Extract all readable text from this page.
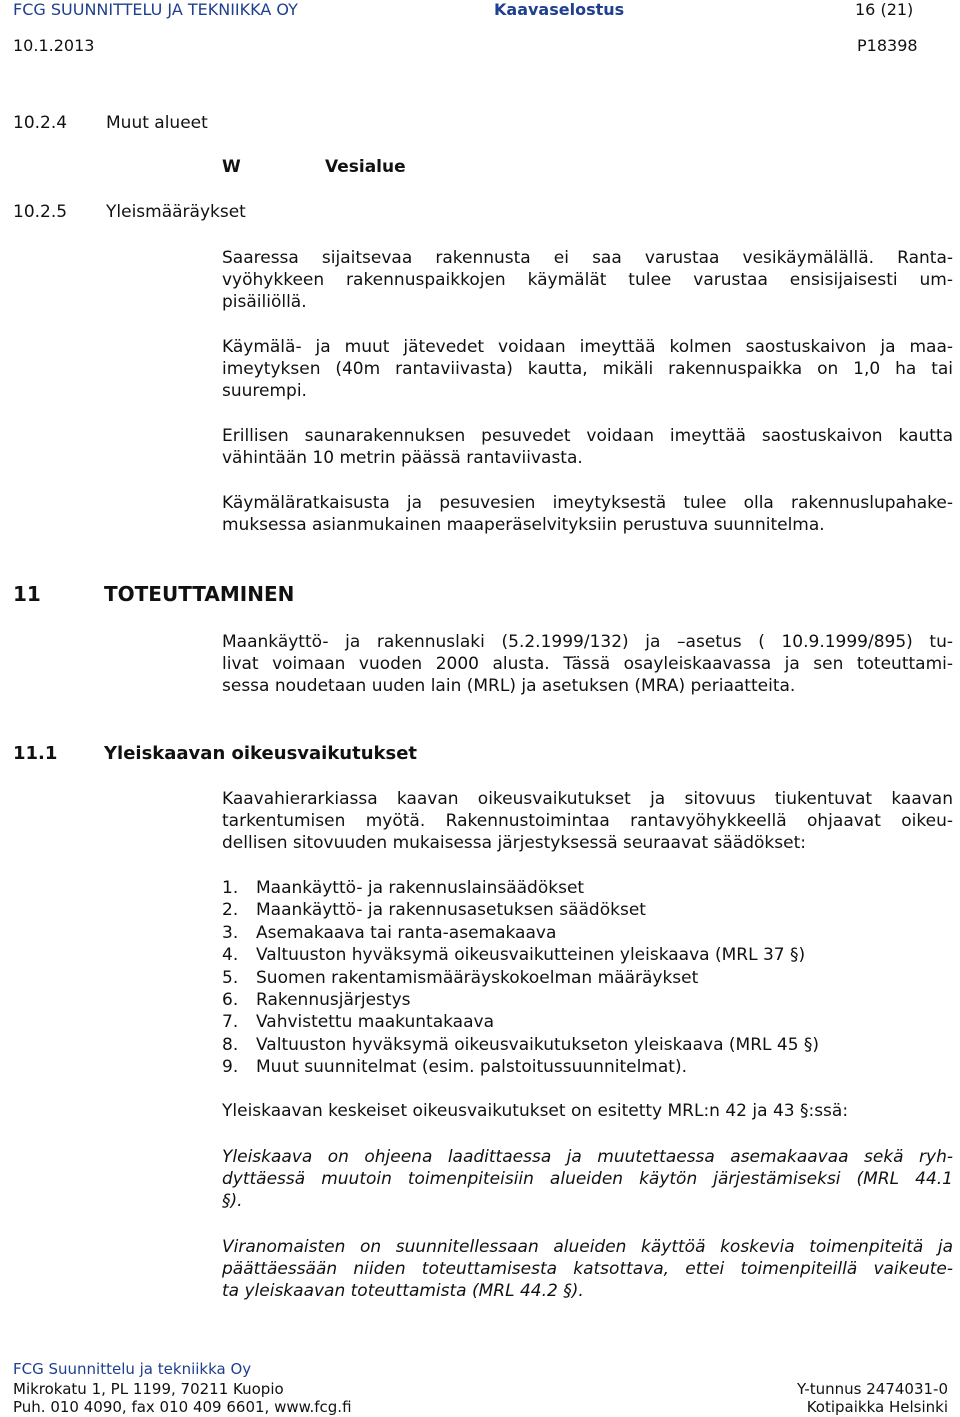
FCG SUUNNITTELU JA TEKNIIKKA OY	Kaavaselostus	16 (21)
10.1.2013	P18398
10.2.4 Muut alueet
W	Vesialue
10.2.5 Yleismääräykset
Saaressa sijaitsevaa rakennusta ei saa varustaa vesikäymälällä. Ranta-
vyöhykkeen rakennuspaikkojen käymälät tulee varustaa ensisijaisesti um-
pisäiliöllä.
Käymälä- ja muut jätevedet voidaan imeyttää kolmen saostuskaivon ja maa-
imeytyksen (40m rantaviivasta) kautta, mikäli rakennuspaikka on 1,0 ha tai
suurempi.
Erillisen saunarakennuksen pesuvedet voidaan imeyttää saostuskaivon kautta
vähintään 10 metrin päässä rantaviivasta.
Käymäläratkaisusta ja pesuvesien imeytyksestä tulee olla rakennuslupahake-
muksessa asianmukainen maaperäselvityksiin perustuva suunnitelma.
11	TOTEUTTAMINEN
Maankäyttö- ja rakennuslaki (5.2.1999/132) ja –asetus ( 10.9.1999/895) tu-
livat voimaan vuoden 2000 alusta. Tässä osayleiskaavassa ja sen toteuttami-
sessa noudetaan uuden lain (MRL) ja asetuksen (MRA) periaatteita.
11.1	Yleiskaavan oikeusvaikutukset
Kaavahierarkiassa kaavan oikeusvaikutukset ja sitovuus tiukentuvat kaavan
tarkentumisen myötä. Rakennustoimintaa rantavyöhykkeellä ohjaavat oikeu-
dellisen sitovuuden mukaisessa järjestyksessä seuraavat säädökset:
1.	Maankäyttö- ja rakennuslainsäädökset
2.	Maankäyttö- ja rakennusasetuksen säädökset
3.	Asemakaava tai ranta-asemakaava
4.	Valtuuston hyväksymä oikeusvaikutteinen yleiskaava (MRL 37 §)
5.	Suomen rakentamismääräyskokoelman määräykset
6.	Rakennusjärjestys
7.	Vahvistettu maakuntakaava
8.	Valtuuston hyväksymä oikeusvaikutukseton yleiskaava (MRL 45 §)
9.	Muut suunnitelmat (esim. palstoitussuunnitelmat).
Yleiskaavan keskeiset oikeusvaikutukset on esitetty MRL:n 42 ja 43 §:ssä:
Yleiskaava on ohjeena laadittaessa ja muutettaessa asemakaavaa sekä ryh-
dyttäessä muutoin toimenpiteisiin alueiden käytön järjestämiseksi (MRL 44.1
§).
Viranomaisten on suunnitellessaan alueiden käyttöä koskevia toimenpiteitä ja
päättäessään niiden toteuttamisesta katsottava, ettei toimenpiteillä vaikeute-
ta yleiskaavan toteuttamista (MRL 44.2 §).
FCG Suunnittelu ja tekniikka Oy
Mikrokatu 1, PL 1199, 70211 Kuopio
Puh. 010 4090, fax 010 409 6601, www.fcg.fi
Y-tunnus 2474031-0
Kotipaikka Helsinki
